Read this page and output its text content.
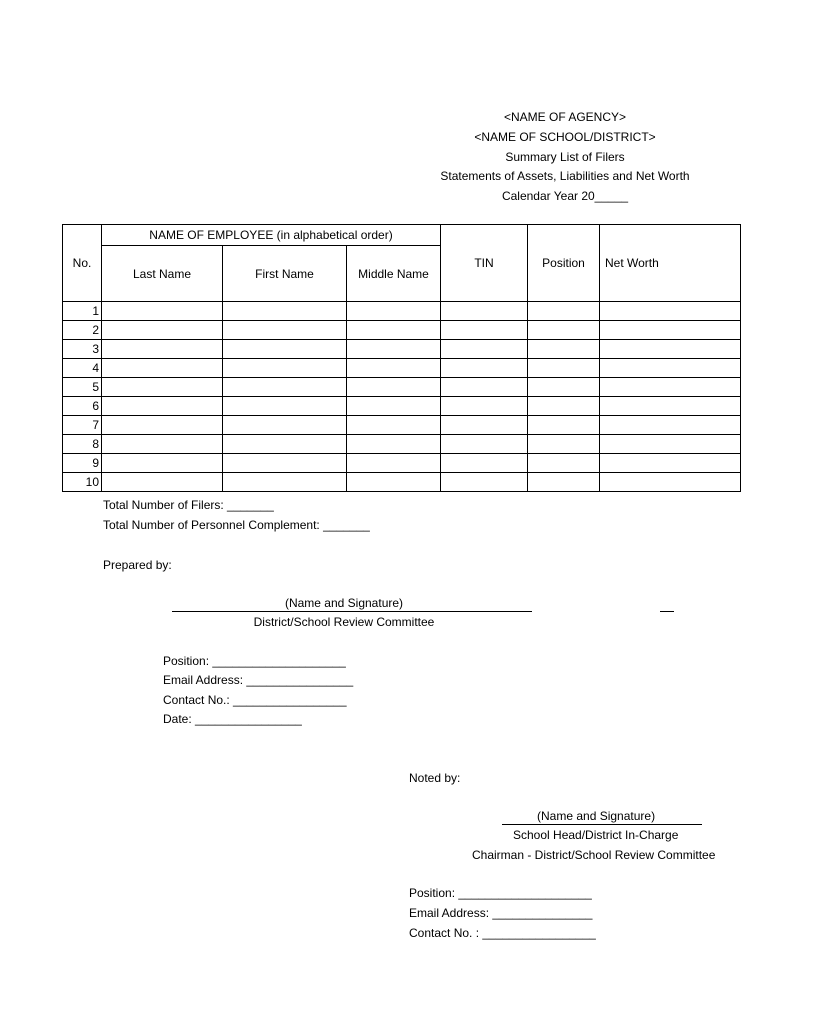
<NAME OF AGENCY>
<NAME OF SCHOOL/DISTRICT>
Summary List of Filers
Statements of Assets, Liabilities and Net Worth
Calendar Year 20_____
No.	NAME OF EMPLOYEE (in alphabetical order)			TIN	Position	Net Worth
	Last Name	First Name	Middle Name			
1						
2						
3						
4						
5						
6						
7						
8						
9						
10						
Total Number of Filers: _______
Total Number of Personnel Complement: _______
Prepared by:
(Name and Signature)
District/School Review Committee
Position: ____________________
Email Address: ________________
Contact No.: _________________
Date: ________________
Noted by:
(Name and Signature)
School Head/District In-Charge
Chairman - District/School Review Committee
Position: ____________________
Email Address: _______________
Contact No. : _________________
